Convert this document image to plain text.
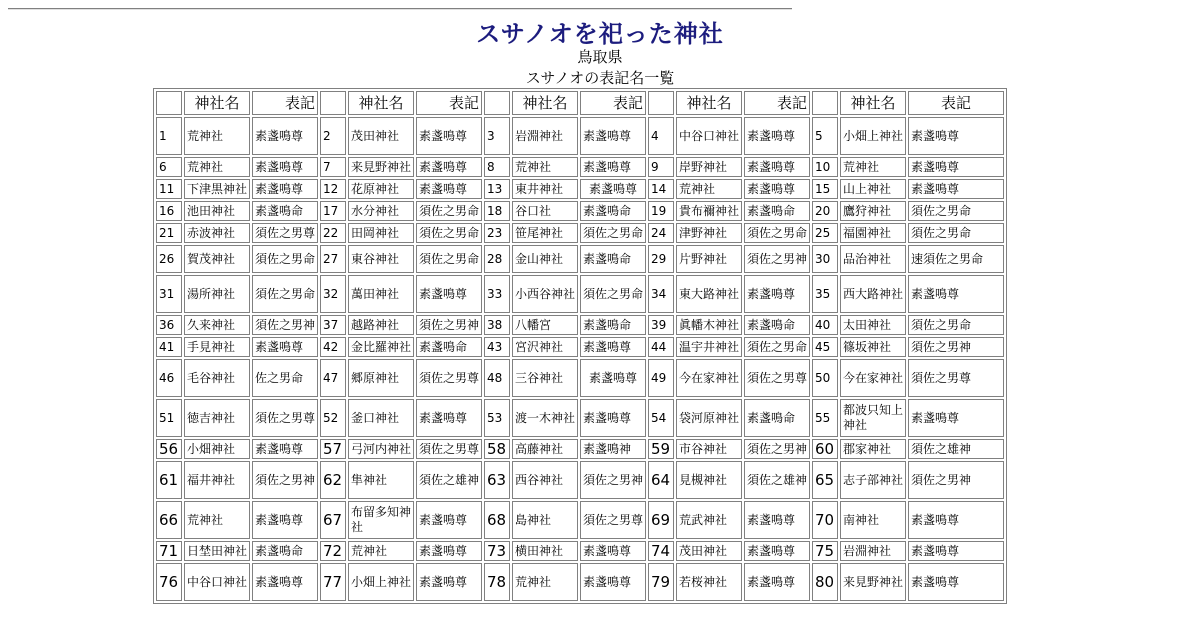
スサノオを祀った神社
鳥取県
スサノオの表記名一覧
	神社名	表記		神社名	表記		神社名	表記		神社名	表記		神社名	表記
1	荒神社	素盞鳴尊	2	茂田神社	素盞鳴尊	3	岩淵神社	素盞鳴尊	4	中谷口神社	素盞鳴尊	5	小畑上神社	素盞鳴尊
6	荒神社	素盞鳴尊	7	来見野神社	素盞鳴尊	8	荒神社	素盞鳴尊	9	岸野神社	素盞鳴尊	10	荒神社	素盞鳴尊
11	下津黒神社	素盞鳴尊	12	花原神社	素盞鳴尊	13	東井神社	素盞鳴尊	14	荒神社	素盞鳴尊	15	山上神社	素盞鳴尊
16	池田神社	素盞鳴命	17	水分神社	須佐之男命	18	谷口社	素盞鳴命	19	貴布禰神社	素盞鳴命	20	鷹狩神社	須佐之男命
21	赤波神社	須佐之男尊	22	田岡神社	須佐之男命	23	笹尾神社	須佐之男命	24	津野神社	須佐之男命	25	福園神社	須佐之男命
26	賀茂神社	須佐之男命	27	東谷神社	須佐之男命	28	金山神社	素盞鳴命	29	片野神社	須佐之男神	30	品治神社	速須佐之男命
31	湯所神社	須佐之男命	32	萬田神社	素盞鳴尊	33	小西谷神社	須佐之男命	34	東大路神社	素盞鳴尊	35	西大路神社	素盞鳴尊
36	久来神社	須佐之男神	37	越路神社	須佐之男神	38	八幡宮	素盞鳴命	39	眞幡木神社	素盞鳴命	40	太田神社	須佐之男命
41	手見神社	素盞鳴尊	42	金比羅神社	素盞鳴命	43	宮沢神社	素盞鳴尊	44	温宇井神社	須佐之男命	45	篠坂神社	須佐之男神
46	毛谷神社	佐之男命	47	郷原神社	須佐之男尊	48	三谷神社	素盞鳴尊	49	今在家神社	須佐之男尊	50	今在家神社	須佐之男尊
51	徳吉神社	須佐之男尊	52	釜口神社	素盞鳴尊	53	渡一木神社	素盞鳴尊	54	袋河原神社	素盞鳴命	55	都波只知上神社	素盞鳴尊
56	小畑神社	素盞鳴尊	57	弓河内神社	須佐之男尊	58	高藤神社	素盞鳴神	59	市谷神社	須佐之男神	60	郡家神社	須佐之雄神
61	福井神社	須佐之男神	62	隼神社	須佐之雄神	63	西谷神社	須佐之男神	64	見槻神社	須佐之雄神	65	志子部神社	須佐之男神
66	荒神社	素盞鳴尊	67	布留多知神社	素盞鳴尊	68	島神社	須佐之男尊	69	荒武神社	素盞鳴尊	70	南神社	素盞鳴尊
71	日埜田神社	素盞鳴命	72	荒神社	素盞鳴尊	73	横田神社	素盞鳴尊	74	茂田神社	素盞鳴尊	75	岩淵神社	素盞鳴尊
76	中谷口神社	素盞鳴尊	77	小畑上神社	素盞鳴尊	78	荒神社	素盞鳴尊	79	若桜神社	素盞鳴尊	80	来見野神社	素盞鳴尊
